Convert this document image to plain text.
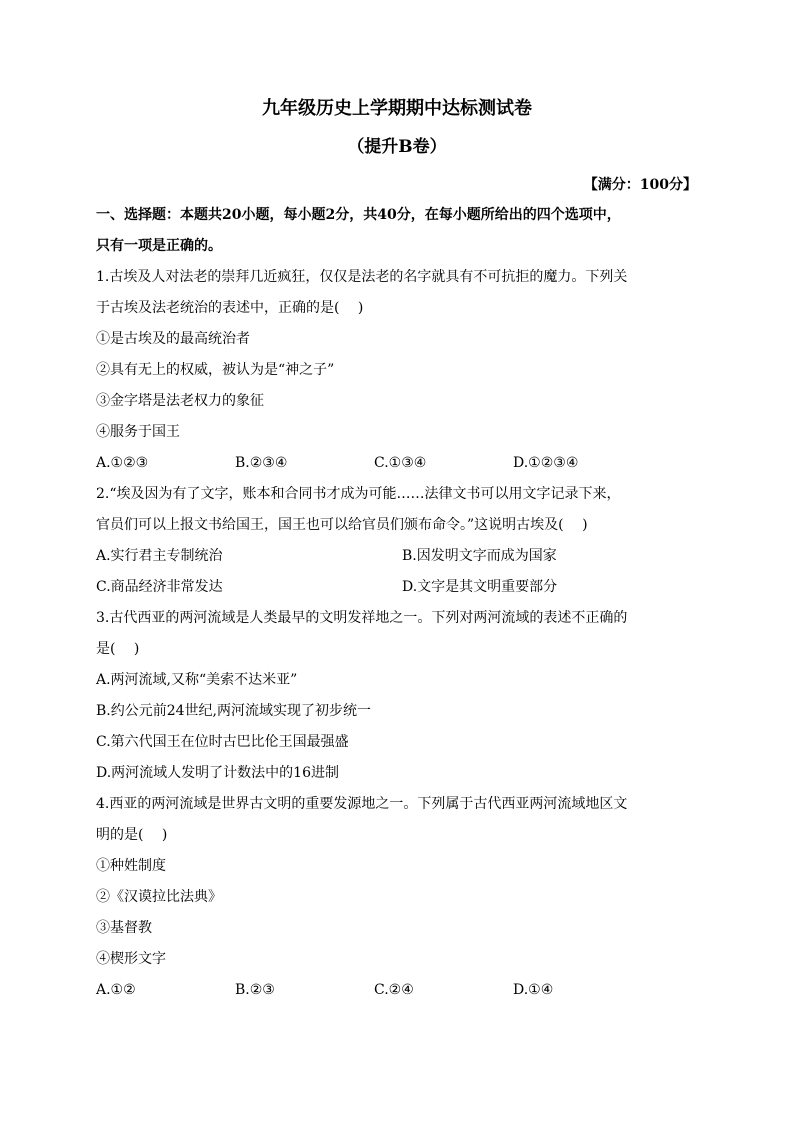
九年级历史上学期期中达标测试卷
（提升B卷）
【满分：100分】
一、选择题：本题共20小题，每小题2分，共40分，在每小题所给出的四个选项中，
只有一项是正确的。
1.古埃及人对法老的崇拜几近疯狂，仅仅是法老的名字就具有不可抗拒的魔力。下列关
于古埃及法老统治的表述中，正确的是(　 )
①是古埃及的最高统治者
②具有无上的权威，被认为是“神之子”
③金字塔是法老权力的象征
④服务于国王
A.①②③	B.②③④	C.①③④	D.①②③④
2.“埃及因为有了文字，账本和合同书才成为可能……法律文书可以用文字记录下来，
官员们可以上报文书给国王，国王也可以给官员们颁布命令。”这说明古埃及(　 )
A.实行君主专制统治	B.因发明文字而成为国家
C.商品经济非常发达	D.文字是其文明重要部分
3.古代西亚的两河流域是人类最早的文明发祥地之一。下列对两河流域的表述不正确的
是(　 )
A.两河流域,又称“美索不达米亚”
B.约公元前24世纪,两河流域实现了初步统一
C.第六代国王在位时古巴比伦王国最强盛
D.两河流域人发明了计数法中的16进制
4.西亚的两河流域是世界古文明的重要发源地之一。下列属于古代西亚两河流域地区文
明的是(　 )
①种姓制度
②《汉谟拉比法典》
③基督教
④楔形文字
A.①②	B.②③	C.②④	D.①④
